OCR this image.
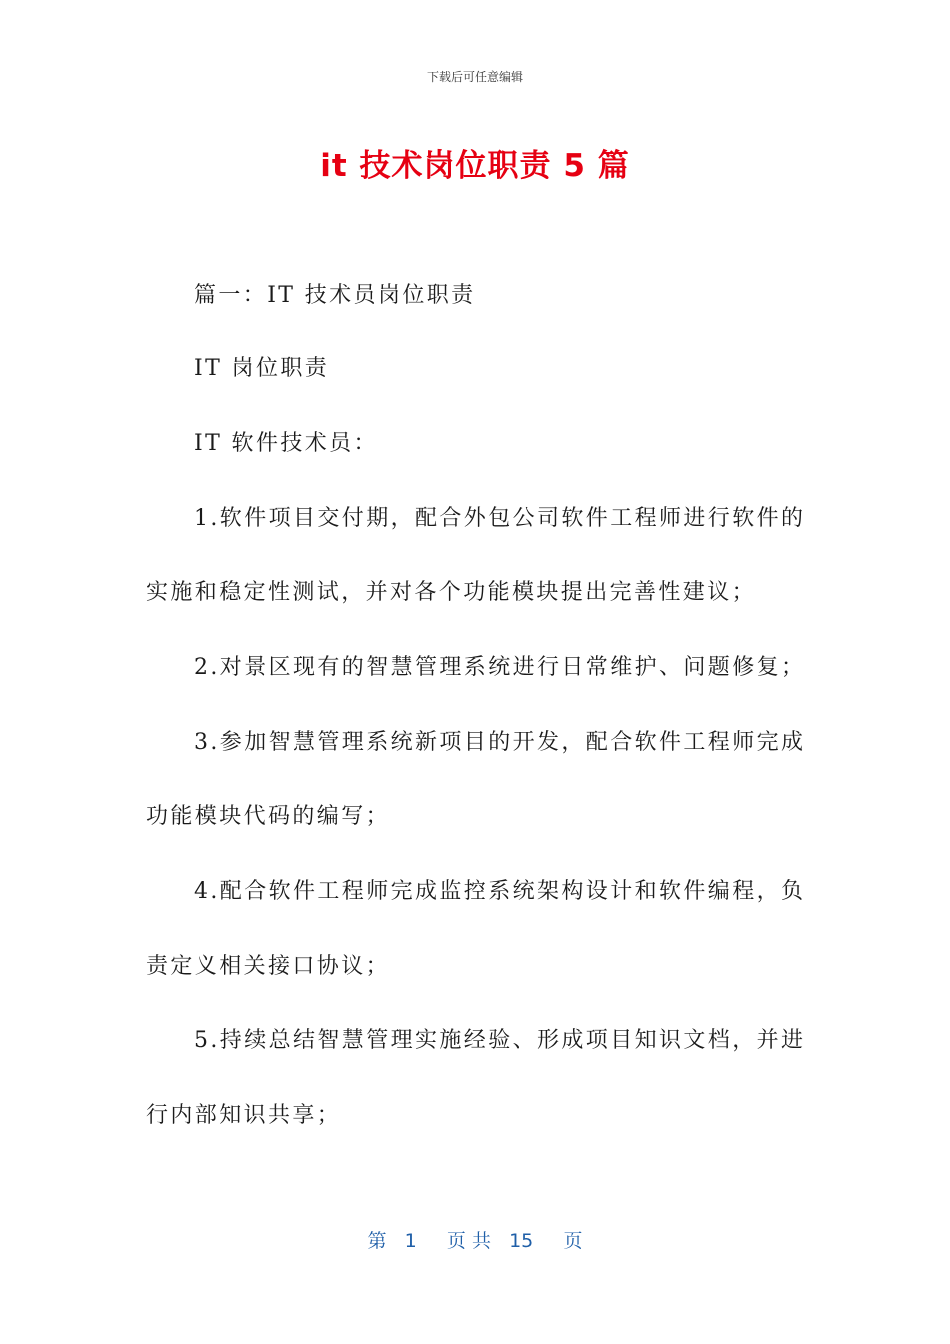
下载后可任意编辑
it 技术岗位职责 5 篇
篇一：IT 技术员岗位职责
IT 岗位职责
IT 软件技术员：
1.软件项目交付期，配合外包公司软件工程师进行软件的
实施和稳定性测试，并对各个功能模块提出完善性建议；
2.对景区现有的智慧管理系统进行日常维护、问题修复；
3.参加智慧管理系统新项目的开发，配合软件工程师完成
功能模块代码的编写；
4.配合软件工程师完成监控系统架构设计和软件编程，负
责定义相关接口协议；
5.持续总结智慧管理实施经验、形成项目知识文档，并进
行内部知识共享；
第   1     页 共   15     页
